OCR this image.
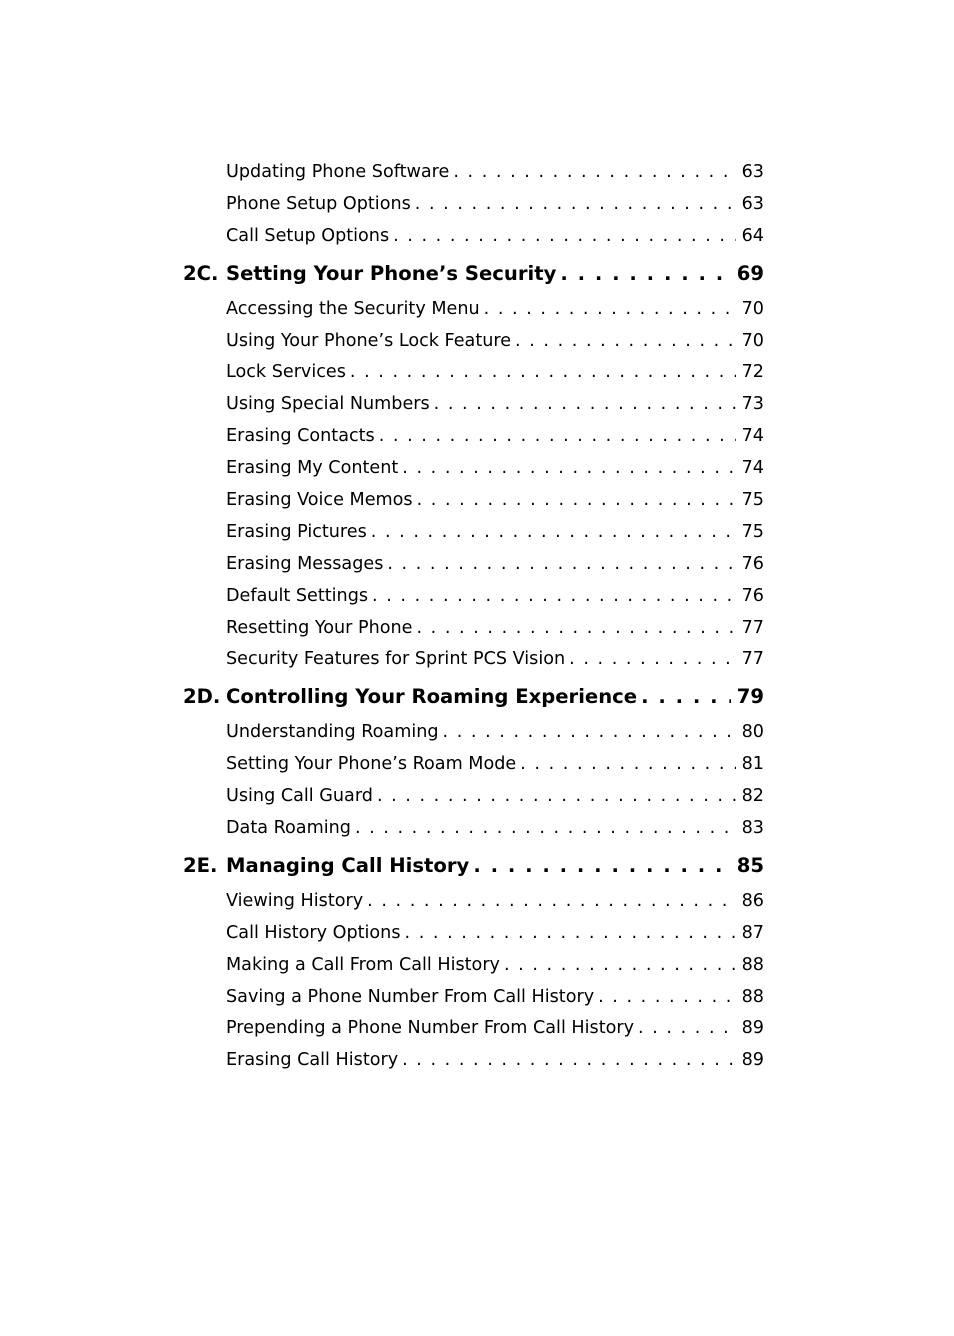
Updating Phone Software . . .	63
Phone Setup Options . . .	63
Call Setup Options . . .	64
2C. Setting Your Phone’s Security . . .	69
Accessing the Security Menu . . .	70
Using Your Phone’s Lock Feature . . .	70
Lock Services . . .	72
Using Special Numbers . . .	73
Erasing Contacts . . .	74
Erasing My Content . . .	74
Erasing Voice Memos . . .	75
Erasing Pictures . . .	75
Erasing Messages . . .	76
Default Settings . . .	76
Resetting Your Phone . . .	77
Security Features for Sprint PCS Vision . . .	77
2D. Controlling Your Roaming Experience . . .	79
Understanding Roaming . . .	80
Setting Your Phone’s Roam Mode . . .	81
Using Call Guard . . .	82
Data Roaming . . .	83
2E. Managing Call History . . .	85
Viewing History . . .	86
Call History Options . . .	87
Making a Call From Call History . . .	88
Saving a Phone Number From Call History . . .	88
Prepending a Phone Number From Call History . . .	89
Erasing Call History . . .	89
